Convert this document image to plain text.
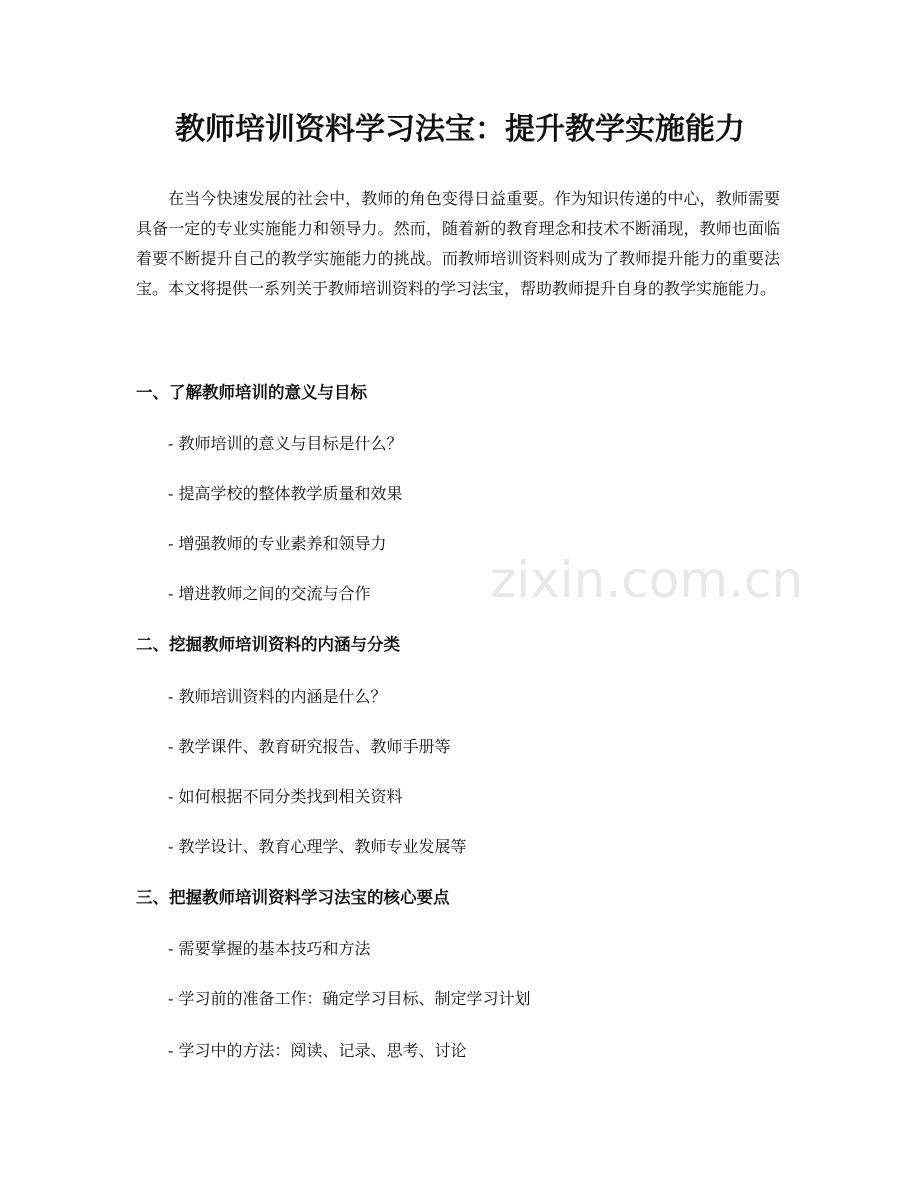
教师培训资料学习法宝：提升教学实施能力

在当今快速发展的社会中，教师的角色变得日益重要。作为知识传递的中心，教师需要具备一定的专业实施能力和领导力。然而，随着新的教育理念和技术不断涌现，教师也面临着要不断提升自己的教学实施能力的挑战。而教师培训资料则成为了教师提升能力的重要法宝。本文将提供一系列关于教师培训资料的学习法宝，帮助教师提升自身的教学实施能力。

一、了解教师培训的意义与目标

- 教师培训的意义与目标是什么？

- 提高学校的整体教学质量和效果

- 增强教师的专业素养和领导力

- 增进教师之间的交流与合作

二、挖掘教师培训资料的内涵与分类

- 教师培训资料的内涵是什么？

- 教学课件、教育研究报告、教师手册等

- 如何根据不同分类找到相关资料

- 教学设计、教育心理学、教师专业发展等

三、把握教师培训资料学习法宝的核心要点

- 需要掌握的基本技巧和方法

- 学习前的准备工作：确定学习目标、制定学习计划

- 学习中的方法：阅读、记录、思考、讨论

zixin.com.cn
